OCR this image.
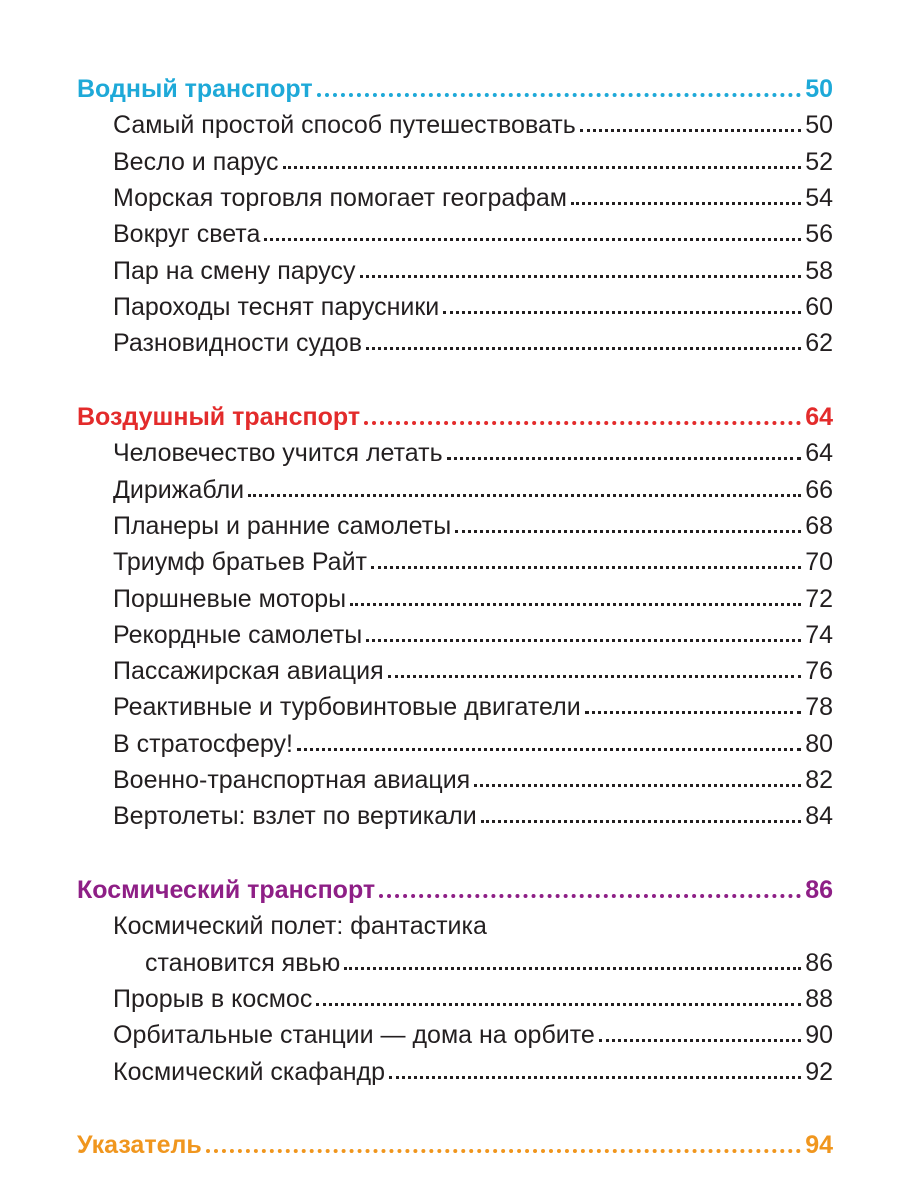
Водный транспорт	50
Самый простой способ путешествовать	50
Весло и парус	52
Морская торговля помогает географам	54
Вокруг света	56
Пар на смену парусу	58
Пароходы теснят парусники	60
Разновидности судов	62
Воздушный транспорт	64
Человечество учится летать	64
Дирижабли	66
Планеры и ранние самолеты	68
Триумф братьев Райт	70
Поршневые моторы	72
Рекордные самолеты	74
Пассажирская авиация	76
Реактивные и турбовинтовые двигатели	78
В стратосферу!	80
Военно-транспортная авиация	82
Вертолеты: взлет по вертикали	84
Космический транспорт	86
Космический полет: фантастика
становится явью	86
Прорыв в космос	88
Орбитальные станции — дома на орбите	90
Космический скафандр	92
Указатель	94
